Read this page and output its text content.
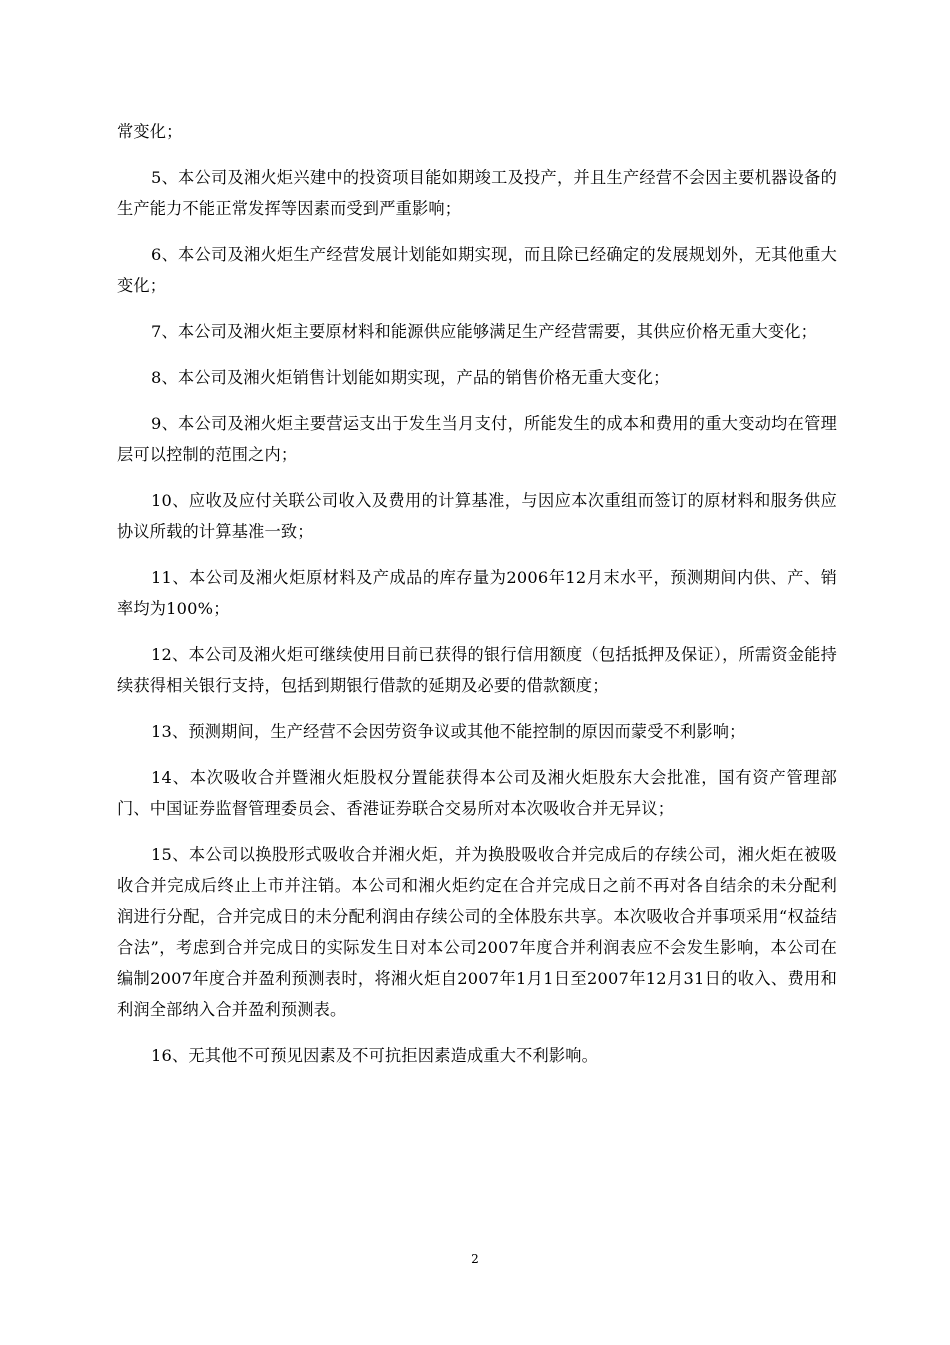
常变化；

5、本公司及湘火炬兴建中的投资项目能如期竣工及投产，并且生产经营不会因主要机器设备的生产能力不能正常发挥等因素而受到严重影响；

6、本公司及湘火炬生产经营发展计划能如期实现，而且除已经确定的发展规划外，无其他重大变化；

7、本公司及湘火炬主要原材料和能源供应能够满足生产经营需要，其供应价格无重大变化；

8、本公司及湘火炬销售计划能如期实现，产品的销售价格无重大变化；

9、本公司及湘火炬主要营运支出于发生当月支付，所能发生的成本和费用的重大变动均在管理层可以控制的范围之内；

10、应收及应付关联公司收入及费用的计算基准，与因应本次重组而签订的原材料和服务供应协议所载的计算基准一致；

11、本公司及湘火炬原材料及产成品的库存量为2006年12月末水平，预测期间内供、产、销率均为100%；

12、本公司及湘火炬可继续使用目前已获得的银行信用额度（包括抵押及保证），所需资金能持续获得相关银行支持，包括到期银行借款的延期及必要的借款额度；

13、预测期间，生产经营不会因劳资争议或其他不能控制的原因而蒙受不利影响；

14、本次吸收合并暨湘火炬股权分置能获得本公司及湘火炬股东大会批准，国有资产管理部门、中国证券监督管理委员会、香港证券联合交易所对本次吸收合并无异议；

15、本公司以换股形式吸收合并湘火炬，并为换股吸收合并完成后的存续公司，湘火炬在被吸收合并完成后终止上市并注销。本公司和湘火炬约定在合并完成日之前不再对各自结余的未分配利润进行分配，合并完成日的未分配利润由存续公司的全体股东共享。本次吸收合并事项采用“权益结合法”，考虑到合并完成日的实际发生日对本公司2007年度合并利润表应不会发生影响，本公司在编制2007年度合并盈利预测表时，将湘火炬自2007年1月1日至2007年12月31日的收入、费用和利润全部纳入合并盈利预测表。

16、无其他不可预见因素及不可抗拒因素造成重大不利影响。

2
